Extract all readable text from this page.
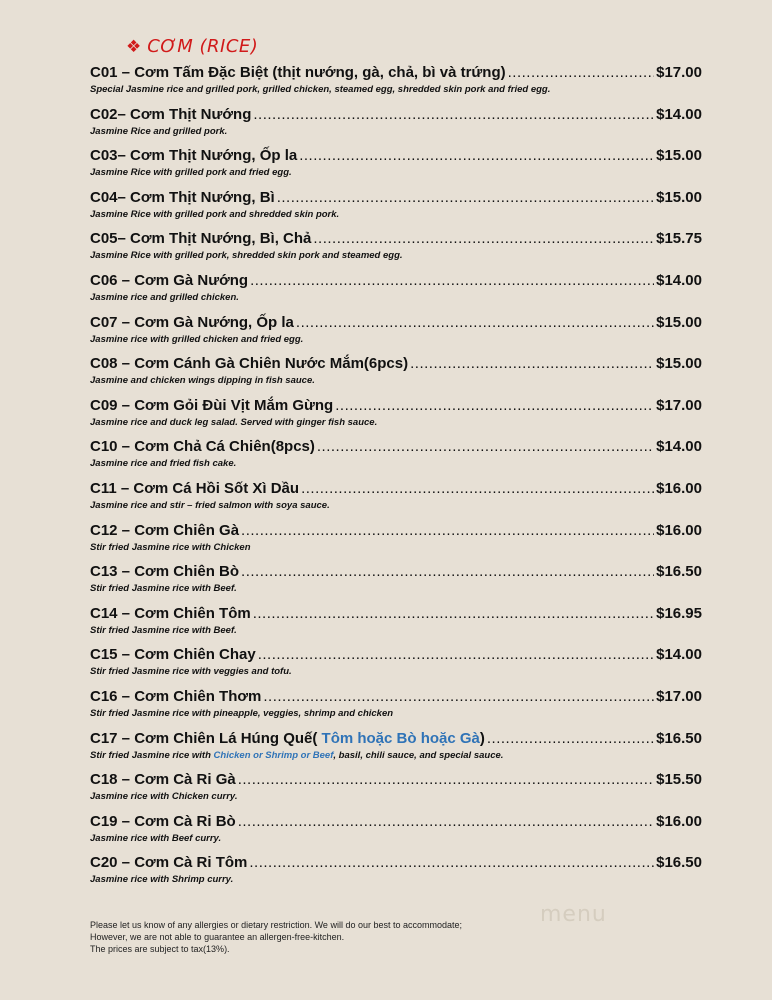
❖ CƠM (RICE)
C01 – Cơm Tấm Đặc Biệt (thịt nướng, gà, chả, bì và trứng) .....	$17.00
Special Jasmine rice and grilled pork, grilled chicken, steamed egg, shredded skin pork and fried egg.
C02– Cơm Thịt Nướng .....	$14.00
Jasmine Rice and grilled pork.
C03– Cơm Thịt Nướng, Ốp la .....	$15.00
Jasmine Rice with grilled pork and fried egg.
C04– Cơm Thịt Nướng, Bì .....	$15.00
Jasmine Rice with grilled pork and shredded skin pork.
C05– Cơm Thịt Nướng, Bì, Chả .....	$15.75
Jasmine Rice with grilled pork, shredded skin pork and steamed egg.
C06 – Cơm Gà Nướng .....	$14.00
Jasmine rice and grilled chicken.
C07 – Cơm Gà Nướng, Ốp la .....	$15.00
Jasmine rice with grilled chicken and fried egg.
C08 – Cơm Cánh Gà Chiên Nước Mắm(6pcs) .....	$15.00
Jasmine and chicken wings dipping in fish sauce.
C09 – Cơm Gỏi Đùi Vịt Mắm Gừng .....	$17.00
Jasmine rice and duck leg salad. Served with ginger fish sauce.
C10 – Cơm Chả Cá Chiên(8pcs) .....	$14.00
Jasmine rice and fried fish cake.
C11 – Cơm Cá Hồi Sốt Xì Dầu .....	$16.00
Jasmine rice and stir – fried salmon with soya sauce.
C12 – Cơm Chiên Gà .....	$16.00
Stir fried Jasmine rice with Chicken
C13 – Cơm Chiên Bò .....	$16.50
Stir fried Jasmine rice with Beef.
C14 – Cơm Chiên Tôm .....	$16.95
Stir fried Jasmine rice with Beef.
C15 – Cơm Chiên Chay .....	$14.00
Stir fried Jasmine rice with veggies and tofu.
C16 – Cơm Chiên Thơm .....	$17.00
Stir fried Jasmine rice with pineapple, veggies, shrimp and chicken
C17 – Cơm Chiên Lá Húng Quế( Tôm hoặc Bò hoặc Gà) .....	$16.50
Stir fried Jasmine rice with Chicken or Shrimp or Beef, basil, chili sauce, and special sauce.
C18 – Cơm Cà Ri Gà .....	$15.50
Jasmine rice with Chicken curry.
C19 – Cơm Cà Ri Bò .....	$16.00
Jasmine rice with Beef curry.
C20 – Cơm Cà Ri Tôm .....	$16.50
Jasmine rice with Shrimp curry.
Please let us know of any allergies or dietary restriction. We will do our best to accommodate;
However, we are not able to guarantee an allergen-free-kitchen.
The prices are subject to tax(13%).
menu
